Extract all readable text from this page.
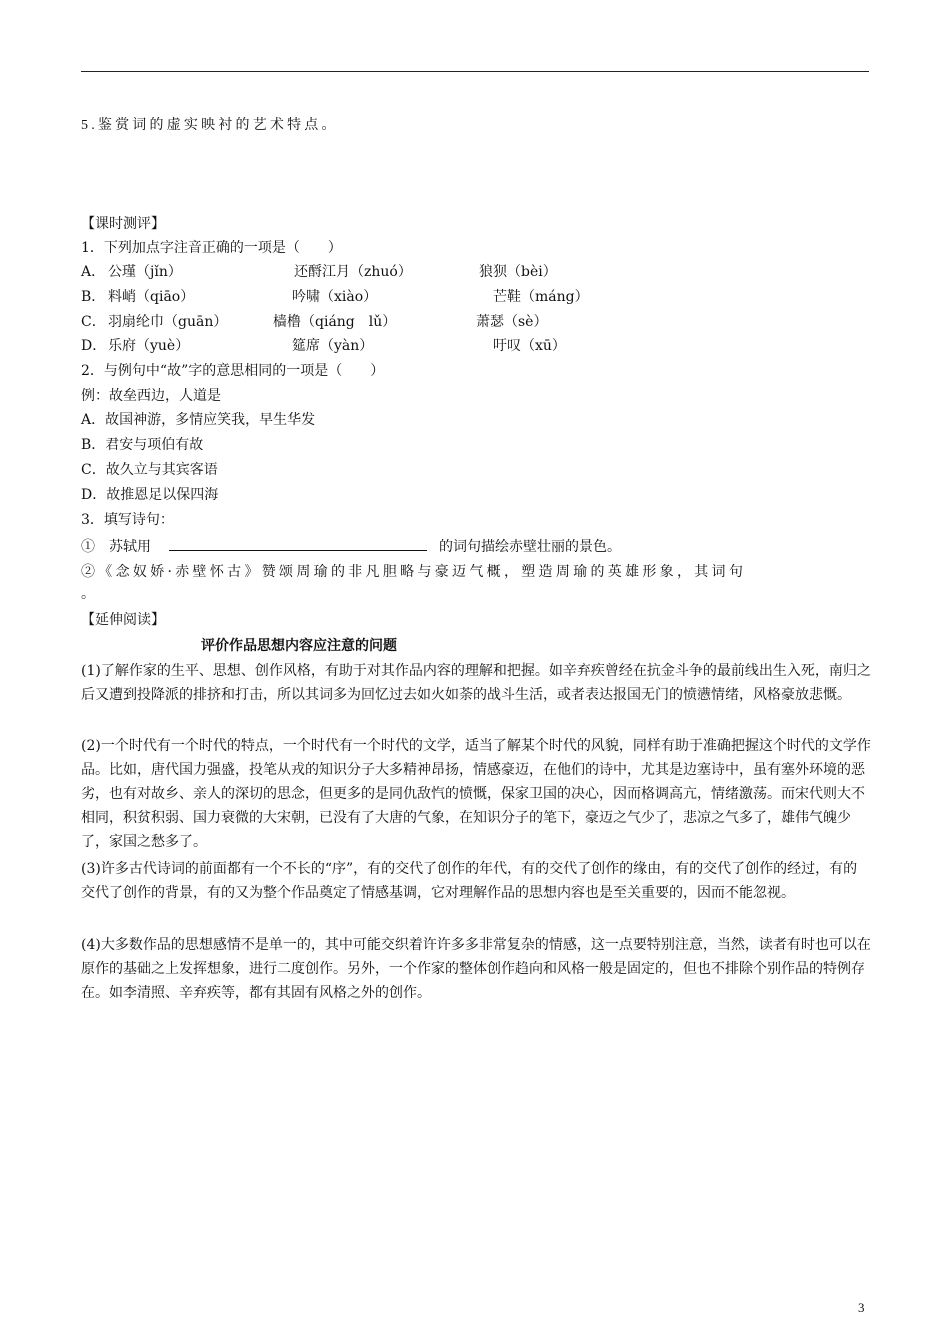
5.鉴赏词的虚实映衬的艺术特点。
【课时测评】
1．下列加点字注音正确的一项是（　　）
A． 公瑾（jǐn）	还酹江月（zhuó）	狼狈（bèi）
B． 料峭（qiāo）	吟啸（xiào）	芒鞋（máng）
C． 羽扇纶巾（guān）	樯橹（qiáng　lǔ）	萧瑟（sè）
D． 乐府（yuè）	筵席（yàn）	吁叹（xū）
2．与例句中“故”字的意思相同的一项是（　　）
例：故垒西边，人道是
A．故国神游，多情应笑我，早生华发
B．君安与项伯有故
C．故久立与其宾客语
D．故推恩足以保四海
3．填写诗句：
①　苏轼用	的词句描绘赤壁壮丽的景色。
②《念奴娇·赤壁怀古》赞颂周瑜的非凡胆略与豪迈气概，塑造周瑜的英雄形象，其词句
。
【延伸阅读】
评价作品思想内容应注意的问题
(1)了解作家的生平、思想、创作风格，有助于对其作品内容的理解和把握。如辛弃疾曾经在抗金斗争的最前线出生入死，南归之后又遭到投降派的排挤和打击，所以其词多为回忆过去如火如荼的战斗生活，或者表达报国无门的愤懑情绪，风格豪放悲慨。
(2)一个时代有一个时代的特点，一个时代有一个时代的文学，适当了解某个时代的风貌，同样有助于准确把握这个时代的文学作品。比如，唐代国力强盛，投笔从戎的知识分子大多精神昂扬，情感豪迈，在他们的诗中，尤其是边塞诗中，虽有塞外环境的恶劣，也有对故乡、亲人的深切的思念，但更多的是同仇敌忾的愤慨，保家卫国的决心，因而格调高亢，情绪激荡。而宋代则大不相同，积贫积弱、国力衰微的大宋朝，已没有了大唐的气象，在知识分子的笔下，豪迈之气少了，悲凉之气多了，雄伟气魄少了，家国之愁多了。
(3)许多古代诗词的前面都有一个不长的“序”，有的交代了创作的年代，有的交代了创作的缘由，有的交代了创作的经过，有的交代了创作的背景，有的又为整个作品奠定了情感基调，它对理解作品的思想内容也是至关重要的，因而不能忽视。
(4)大多数作品的思想感情不是单一的，其中可能交织着许许多多非常复杂的情感，这一点要特别注意，当然，读者有时也可以在原作的基础之上发挥想象，进行二度创作。另外，一个作家的整体创作趋向和风格一般是固定的，但也不排除个别作品的特例存在。如李清照、辛弃疾等，都有其固有风格之外的创作。
3
